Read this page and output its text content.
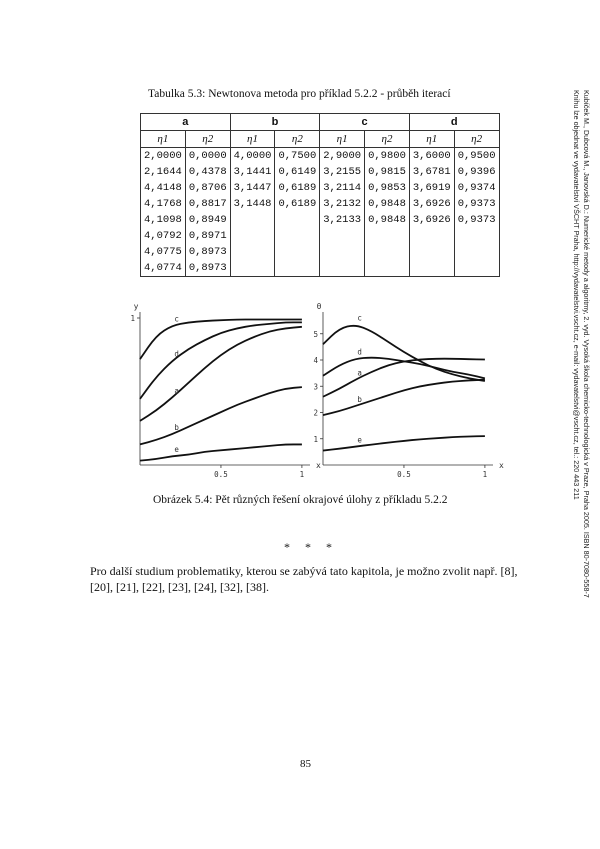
Tabulka 5.3: Newtonova metoda pro příklad 5.2.2 - průběh iterací
a		b		c		d	
η1	η2	η1	η2	η1	η2	η1	η2
2,0000	0,0000	4,0000	0,7500	2,9000	0,9800	3,6000	0,9500
2,1644	0,4378	3,1441	0,6149	3,2155	0,9815	3,6781	0,9396
4,4148	0,8706	3,1447	0,6189	3,2114	0,9853	3,6919	0,9374
4,1768	0,8817	3,1448	0,6189	3,2132	0,9848	3,6926	0,9373
4,1098	0,8949			3,2133	0,9848	3,6926	0,9373
4,0792	0,8971						
4,0775	0,8973						
4,0774	0,8973						
x
y
0.5	1
1	c
d
a
b
e
x
θ
0.5	1
1
2
3
4
5
c
d
a
b
e
Obrázek 5.4: Pět různých řešení okrajové úlohy z příkladu 5.2.2
* * *
Pro další studium problematiky, kterou se zabývá tato kapitola, je možno zvolit např. [8], [20], [21], [22], [23], [24], [32], [38].
85
Kubíček M., Dubcová M., Janovská D.: Numerické metody a algoritmy, 2. vyd. Vysoká škola chemicko-technologická v Praze, Praha 2005. ISBN 80-7080-558-7
Knihu lze objednat ve vydavatelství VŠCHT Praha, http://vydavatelstvi.vscht.cz, e-mail: vydavatelstvi@vscht.cz, tel.: 220 443 211
